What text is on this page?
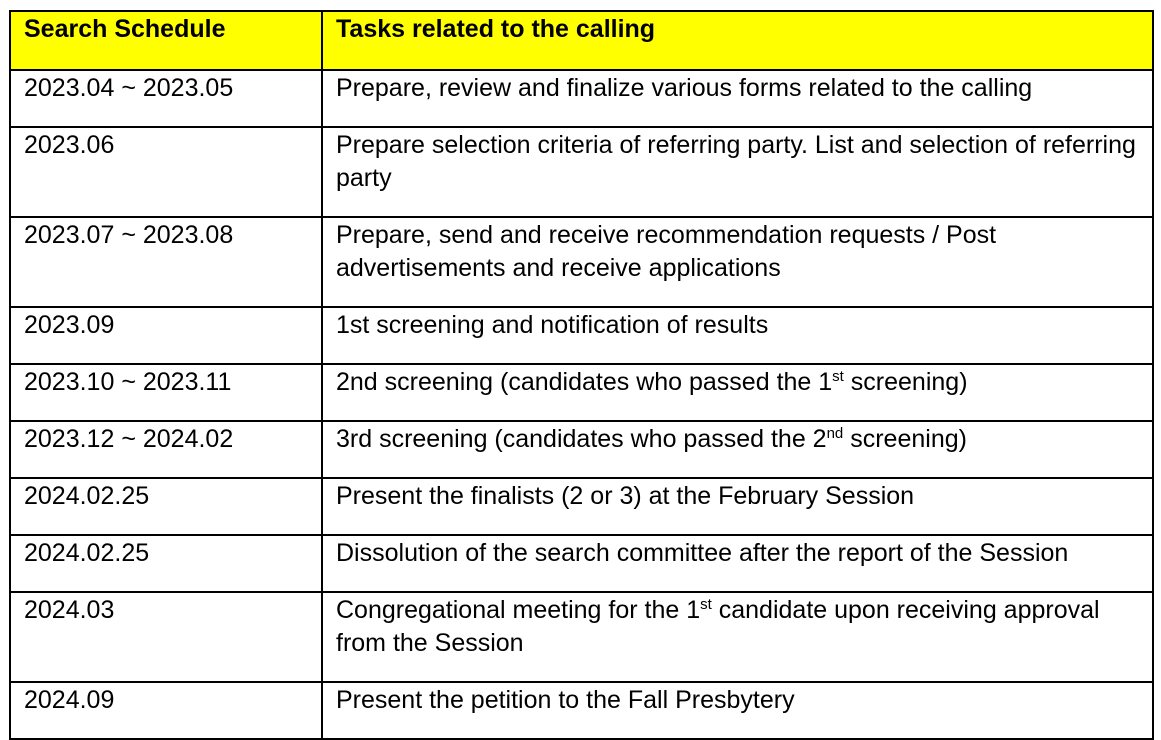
Search Schedule	Tasks related to the calling
2023.04 ~ 2023.05	Prepare, review and finalize various forms related to the calling
2023.06	Prepare selection criteria of referring party. List and selection of referring party
2023.07 ~ 2023.08	Prepare, send and receive recommendation requests / Post advertisements and receive applications
2023.09	1st screening and notification of results
2023.10 ~ 2023.11	2nd screening (candidates who passed the 1st screening)
2023.12 ~ 2024.02	3rd screening (candidates who passed the 2nd screening)
2024.02.25	Present the finalists (2 or 3) at the February Session
2024.02.25	Dissolution of the search committee after the report of the Session
2024.03	Congregational meeting for the 1st candidate upon receiving approval from the Session
2024.09	Present the petition to the Fall Presbytery
